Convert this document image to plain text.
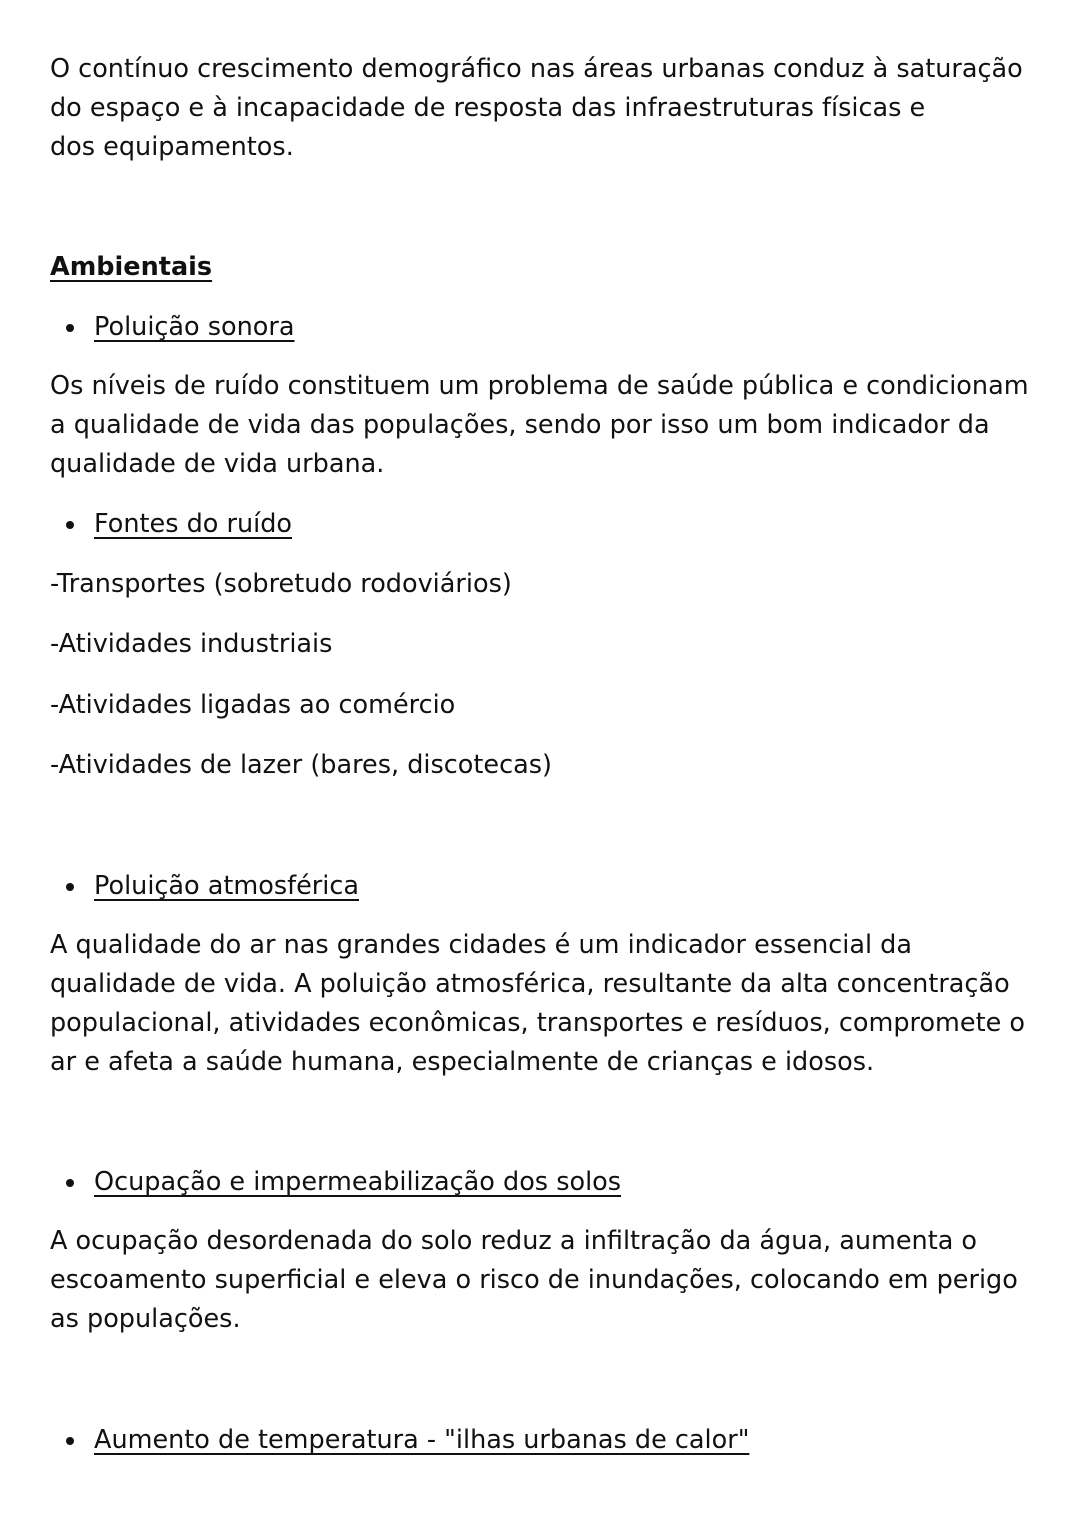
O contínuo crescimento demográfico nas áreas urbanas conduz à saturação
do espaço e à incapacidade de resposta das infraestruturas físicas e
dos equipamentos.
Ambientais
Poluição sonora
Os níveis de ruído constituem um problema de saúde pública e condicionam
a qualidade de vida das populações, sendo por isso um bom indicador da
qualidade de vida urbana.
Fontes do ruído
-Transportes (sobretudo rodoviários)
-Atividades industriais
-Atividades ligadas ao comércio
-Atividades de lazer (bares, discotecas)
Poluição atmosférica
A qualidade do ar nas grandes cidades é um indicador essencial da
qualidade de vida. A poluição atmosférica, resultante da alta concentração
populacional, atividades econômicas, transportes e resíduos, compromete o
ar e afeta a saúde humana, especialmente de crianças e idosos.
Ocupação e impermeabilização dos solos
A ocupação desordenada do solo reduz a infiltração da água, aumenta o
escoamento superficial e eleva o risco de inundações, colocando em perigo
as populações.
Aumento de temperatura - "ilhas urbanas de calor"
